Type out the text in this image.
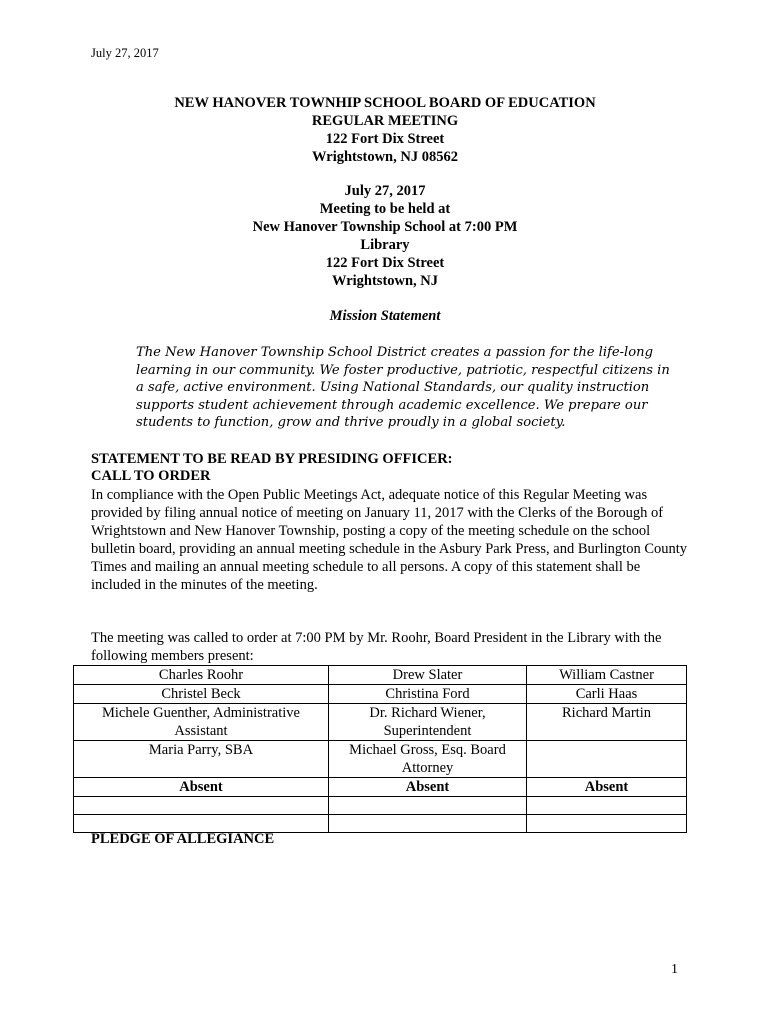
July 27, 2017
NEW HANOVER TOWNHIP SCHOOL BOARD OF EDUCATION
REGULAR MEETING
122 Fort Dix Street
Wrightstown, NJ 08562
July 27, 2017
Meeting to be held at
New Hanover Township School at 7:00 PM
Library
122 Fort Dix Street
Wrightstown, NJ
Mission Statement
The New Hanover Township School District creates a passion for the life-long learning in our community. We foster productive, patriotic, respectful citizens in a safe, active environment. Using National Standards, our quality instruction supports student achievement through academic excellence. We prepare our students to function, grow and thrive proudly in a global society.
STATEMENT TO BE READ BY PRESIDING OFFICER:
CALL TO ORDER
In compliance with the Open Public Meetings Act, adequate notice of this Regular Meeting was provided by filing annual notice of meeting on January 11, 2017 with the Clerks of the Borough of Wrightstown and New Hanover Township, posting a copy of the meeting schedule on the school bulletin board, providing an annual meeting schedule in the Asbury Park Press, and Burlington County Times and mailing an annual meeting schedule to all persons. A copy of this statement shall be included in the minutes of the meeting.
The meeting was called to order at 7:00 PM by Mr. Roohr, Board President in the Library with the following members present:
Charles Roohr	Drew Slater	William Castner
Christel Beck	Christina Ford	Carli Haas
Michele Guenther, Administrative Assistant	Dr. Richard Wiener, Superintendent	Richard Martin
Maria Parry, SBA	Michael Gross, Esq. Board Attorney	
Absent	Absent	Absent

PLEDGE OF ALLEGIANCE
1
